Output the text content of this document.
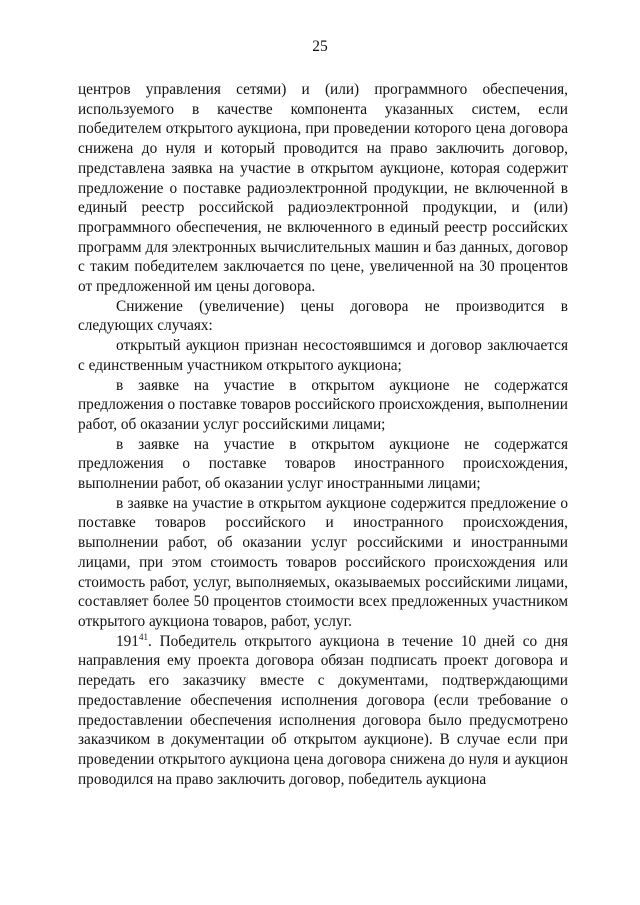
25

центров управления сетями) и (или) программного обеспечения, используемого в качестве компонента указанных систем, если победителем открытого аукциона, при проведении которого цена договора снижена до нуля и который проводится на право заключить договор, представлена заявка на участие в открытом аукционе, которая содержит предложение о поставке радиоэлектронной продукции, не включенной в единый реестр российской радиоэлектронной продукции, и (или) программного обеспечения, не включенного в единый реестр российских программ для электронных вычислительных машин и баз данных, договор с таким победителем заключается по цене, увеличенной на 30 процентов от предложенной им цены договора.

Снижение (увеличение) цены договора не производится в следующих случаях:

открытый аукцион признан несостоявшимся и договор заключается с единственным участником открытого аукциона;

в заявке на участие в открытом аукционе не содержатся предложения о поставке товаров российского происхождения, выполнении работ, об оказании услуг российскими лицами;

в заявке на участие в открытом аукционе не содержатся предложения о поставке товаров иностранного происхождения, выполнении работ, об оказании услуг иностранными лицами;

в заявке на участие в открытом аукционе содержится предложение о поставке товаров российского и иностранного происхождения, выполнении работ, об оказании услуг российскими и иностранными лицами, при этом стоимость товаров российского происхождения или стоимость работ, услуг, выполняемых, оказываемых российскими лицами, составляет более 50 процентов стоимости всех предложенных участником открытого аукциона товаров, работ, услуг.

$191^{41}$. Победитель открытого аукциона в течение 10 дней со дня направления ему проекта договора обязан подписать проект договора и передать его заказчику вместе с документами, подтверждающими предоставление обеспечения исполнения договора (если требование о предоставлении обеспечения исполнения договора было предусмотрено заказчиком в документации об открытом аукционе). В случае если при проведении открытого аукциона цена договора снижена до нуля и аукцион проводился на право заключить договор, победитель аукциона
